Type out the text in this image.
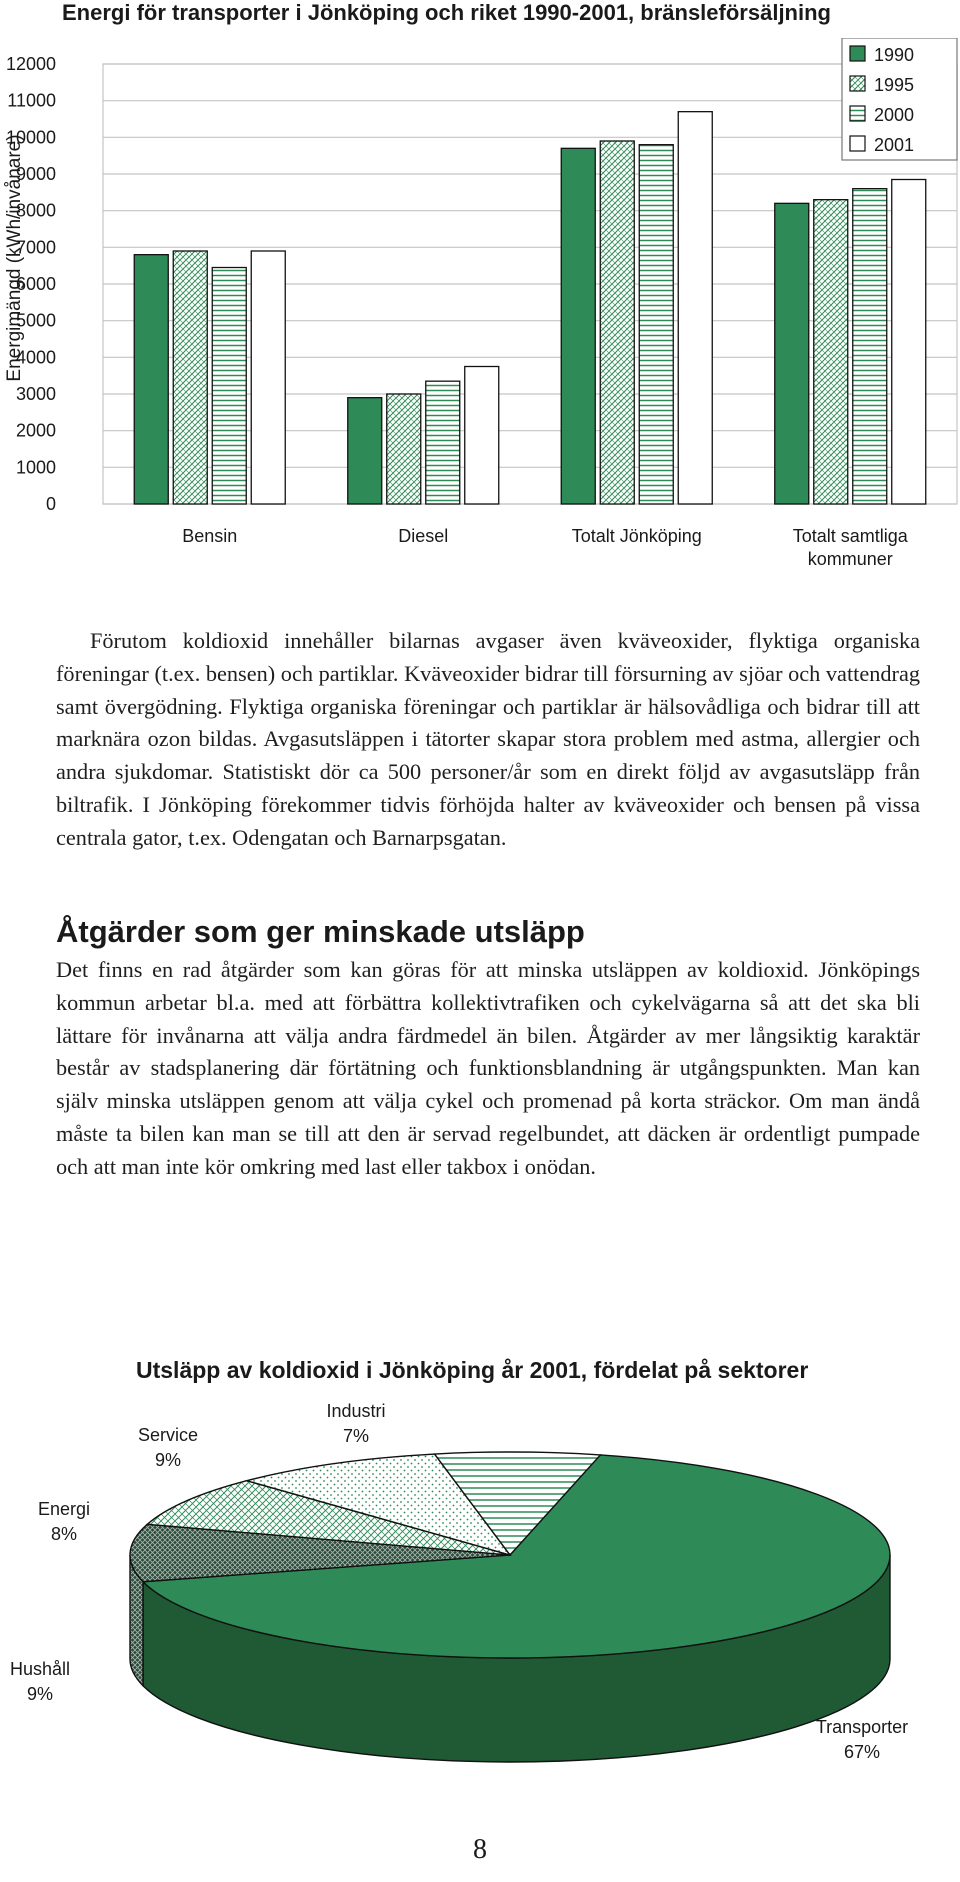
Energi för transporter i Jönköping och riket 1990-2001, bränsleförsäljning
0
1000
2000
3000
4000
5000
6000
7000
8000
9000
10000
11000
12000
Bensin	Diesel	Totalt Jönköping	Totalt samtliga
kommuner
1990
1995
2000
2001
Energimängd (kWh/invånare)
Förutom koldioxid innehåller bilarnas avgaser även kväveoxider, flyktiga organiska föreningar (t.ex. bensen) och partiklar. Kväveoxider bidrar till försurning av sjöar och vattendrag samt övergödning. Flyktiga organiska föreningar och partiklar är hälsovådliga och bidrar till att marknära ozon bildas. Avgasutsläppen i tätorter skapar stora problem med astma, allergier och andra sjukdomar. Statistiskt dör ca 500 personer/år som en direkt följd av avgasutsläpp från biltrafik. I Jönköping förekommer tidvis förhöjda halter av kväveoxider och bensen på vissa centrala gator, t.ex. Odengatan och Barnarpsgatan.
Åtgärder som ger minskade utsläpp
Det finns en rad åtgärder som kan göras för att minska utsläppen av koldioxid. Jönköpings kommun arbetar bl.a. med att förbättra kollektivtrafiken och cykelvägarna så att det ska bli lättare för invånarna att välja andra färdmedel än bilen. Åtgärder av mer långsiktig karaktär består av stadsplanering där förtätning och funktionsblandning är utgångspunkten. Man kan själv minska utsläppen genom att välja cykel och promenad på korta sträckor. Om man ändå måste ta bilen kan man se till att den är servad regelbundet, att däcken är ordentligt pumpade och att man inte kör omkring med last eller takbox i onödan.
Utsläpp av koldioxid i Jönköping år 2001, fördelat på sektorer
Transporter
67%
Hushåll
9%
Energi
8%
Service
9%
Industri
7%
8
